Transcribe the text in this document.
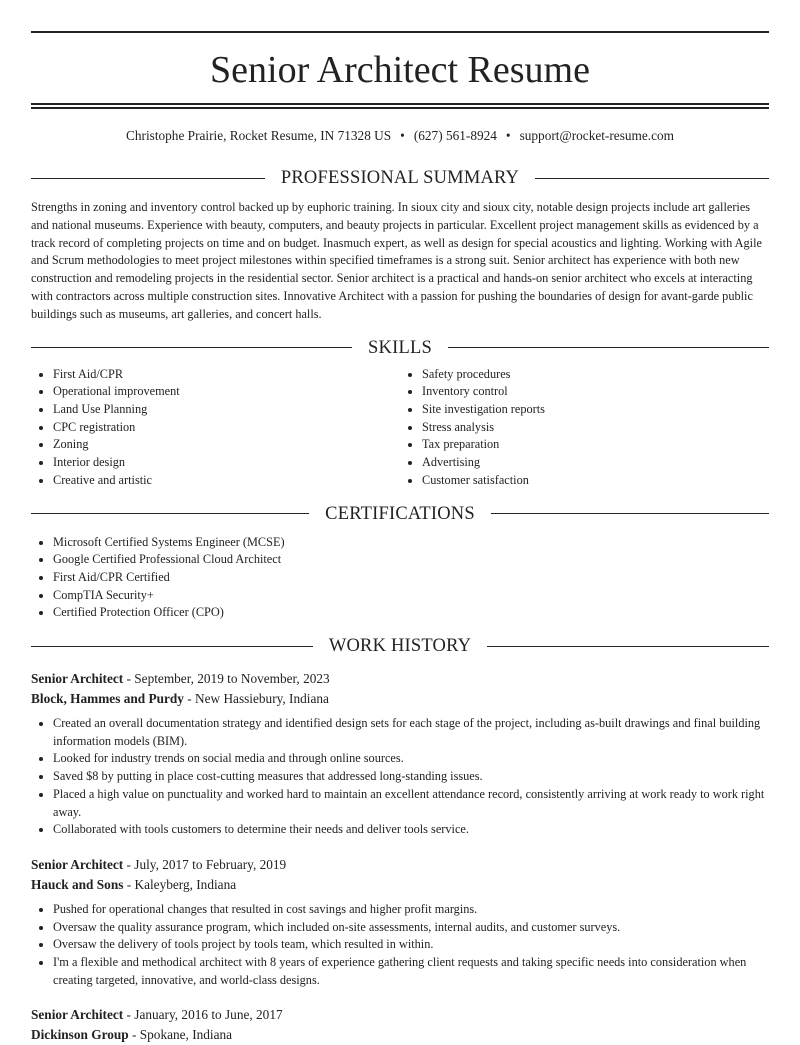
Senior Architect Resume
Christophe Prairie, Rocket Resume, IN 71328 US • (627) 561-8924 • support@rocket-resume.com
PROFESSIONAL SUMMARY
Strengths in zoning and inventory control backed up by euphoric training. In sioux city and sioux city, notable design projects include art galleries and national museums. Experience with beauty, computers, and beauty projects in particular. Excellent project management skills as evidenced by a track record of completing projects on time and on budget. Inasmuch expert, as well as design for special acoustics and lighting. Working with Agile and Scrum methodologies to meet project milestones within specified timeframes is a strong suit. Senior architect has experience with both new construction and remodeling projects in the residential sector. Senior architect is a practical and hands-on senior architect who excels at interacting with contractors across multiple construction sites. Innovative Architect with a passion for pushing the boundaries of design for avant-garde public buildings such as museums, art galleries, and concert halls.
SKILLS
• First Aid/CPR
• Operational improvement
• Land Use Planning
• CPC registration
• Zoning
• Interior design
• Creative and artistic
• Safety procedures
• Inventory control
• Site investigation reports
• Stress analysis
• Tax preparation
• Advertising
• Customer satisfaction
CERTIFICATIONS
• Microsoft Certified Systems Engineer (MCSE)
• Google Certified Professional Cloud Architect
• First Aid/CPR Certified
• CompTIA Security+
• Certified Protection Officer (CPO)
WORK HISTORY
Senior Architect - September, 2019 to November, 2023
Block, Hammes and Purdy - New Hassiebury, Indiana
• Created an overall documentation strategy and identified design sets for each stage of the project, including as-built drawings and final building information models (BIM).
• Looked for industry trends on social media and through online sources.
• Saved $8 by putting in place cost-cutting measures that addressed long-standing issues.
• Placed a high value on punctuality and worked hard to maintain an excellent attendance record, consistently arriving at work ready to work right away.
• Collaborated with tools customers to determine their needs and deliver tools service.
Senior Architect - July, 2017 to February, 2019
Hauck and Sons - Kaleyberg, Indiana
• Pushed for operational changes that resulted in cost savings and higher profit margins.
• Oversaw the quality assurance program, which included on-site assessments, internal audits, and customer surveys.
• Oversaw the delivery of tools project by tools team, which resulted in within.
• I'm a flexible and methodical architect with 8 years of experience gathering client requests and taking specific needs into consideration when creating targeted, innovative, and world-class designs.
Senior Architect - January, 2016 to June, 2017
Dickinson Group - Spokane, Indiana
